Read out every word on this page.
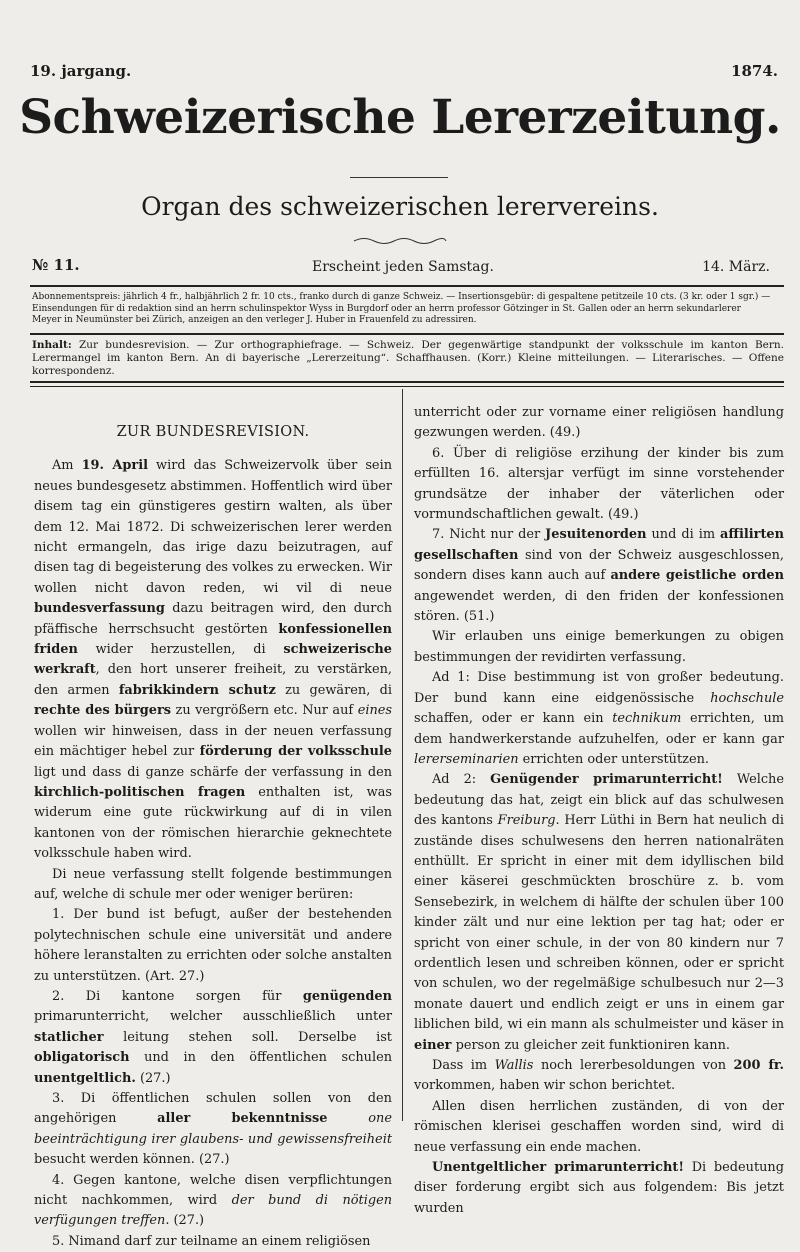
19. jargang.	1874.
Schweizerische Lererzeitung.
Organ des schweizerischen lerervereins.
№ 11.	Erscheint jeden Samstag.	14. März.
Abonnementspreis: jährlich 4 fr., halbjährlich 2 fr. 10 cts., franko durch di ganze Schweiz. — Insertionsgebür: di gespaltene petitzeile 10 cts. (3 kr. oder 1 sgr.) —
Einsendungen für di redaktion sind an herrn schulinspektor Wyss in Burgdorf oder an herrn professor Götzinger in St. Gallen oder an herrn sekundarlerer
Meyer in Neumünster bei Zürich, anzeigen an den verleger J. Huber in Frauenfeld zu adressiren.
Inhalt: Zur bundesrevision. — Zur orthographiefrage. — Schweiz. Der gegenwärtige standpunkt der volksschule im kanton Bern. Lerermangel im kanton Bern. An di bayerische „Lererzeitung“. Schaffhausen. (Korr.) Kleine mitteilungen. — Literarisches. — Offene korrespondenz.

ZUR BUNDESREVISION.

Am 19. April wird das Schweizervolk über sein neues bundesgesetz abstimmen. Hoffentlich wird über disem tag ein günstigeres gestirn walten, als über dem 12. Mai 1872. Di schweizerischen lerer werden nicht ermangeln, das irige dazu beizutragen, auf disen tag di begeisterung des volkes zu erwecken. Wir wollen nicht davon reden, wi vil di neue bundesverfassung dazu beitragen wird, den durch pfäffische herrschsucht gestörten konfessionellen friden wider herzustellen, di schweizerische werkraft, den hort unserer freiheit, zu verstärken, den armen fabrikkindern schutz zu gewären, di rechte des bürgers zu vergrößern etc. Nur auf eines wollen wir hinweisen, dass in der neuen verfassung ein mächtiger hebel zur förderung der volksschule ligt und dass di ganze schärfe der verfassung in den kirchlich-politischen fragen enthalten ist, was widerum eine gute rückwirkung auf di in vilen kantonen von der römischen hierarchie geknechtete volksschule haben wird.

Di neue verfassung stellt folgende bestimmungen auf, welche di schule mer oder weniger berüren:

1. Der bund ist befugt, außer der bestehenden polytechnischen schule eine universität und andere höhere leranstalten zu errichten oder solche anstalten zu unterstützen. (Art. 27.)

2. Di kantone sorgen für genügenden primarunterricht, welcher ausschließlich unter statlicher leitung stehen soll. Derselbe ist obligatorisch und in den öffentlichen schulen unentgeltlich. (27.)

3. Di öffentlichen schulen sollen von den angehörigen aller bekenntnisse	one beeinträchtigung irer glaubens- und gewissensfreiheit besucht werden können. (27.)

4. Gegen kantone, welche disen verpflichtungen nicht nachkommen, wird der bund di nötigen verfügungen treffen. (27.)

5. Nimand darf zur teilname an einem religiösen

unterricht oder zur vorname einer religiösen handlung gezwungen werden. (49.)

6. Über di religiöse erzihung der kinder bis zum erfüllten 16. altersjar verfügt im sinne vorstehender grundsätze der inhaber der väterlichen oder vormundschaftlichen gewalt. (49.)

7. Nicht nur der Jesuitenorden und di im affilirten gesellschaften sind von der Schweiz ausgeschlossen, sondern dises kann auch auf andere geistliche orden angewendet werden, di den friden der konfessionen stören. (51.)

Wir erlauben uns einige bemerkungen zu obigen bestimmungen der revidirten verfassung.

Ad 1: Dise bestimmung ist von großer bedeutung. Der bund kann eine eidgenössische hochschule schaffen, oder er kann ein technikum errichten, um dem handwerkerstande aufzuhelfen, oder er kann gar lererseminarien errichten oder unterstützen.

Ad 2: Genügender primarunterricht! Welche bedeutung das hat, zeigt ein blick auf das schulwesen des kantons Freiburg. Herr Lüthi in Bern hat neulich di zustände dises schulwesens den herren nationalräten enthüllt. Er spricht in einer mit dem idyllischen bild einer käserei geschmückten broschüre z. b. vom Sensebezirk, in welchem di hälfte der schulen über 100 kinder zält und nur eine lektion per tag hat; oder er spricht von einer schule, in der von 80 kindern nur 7 ordentlich lesen und schreiben können, oder er spricht von schulen, wo der regelmäßige schulbesuch nur 2—3 monate dauert und endlich zeigt er uns in einem gar liblichen bild, wi ein mann als schulmeister und käser in einer person zu gleicher zeit funktioniren kann.

Dass im Wallis noch lererbesoldungen von 200 fr. vorkommen, haben wir schon berichtet.

Allen disen herrlichen zuständen, di von der römischen klerisei geschaffen worden sind, wird di neue verfassung ein ende machen.

Unentgeltlicher primarunterricht! Di bedeutung diser forderung ergibt sich aus folgendem: Bis jetzt wurden
